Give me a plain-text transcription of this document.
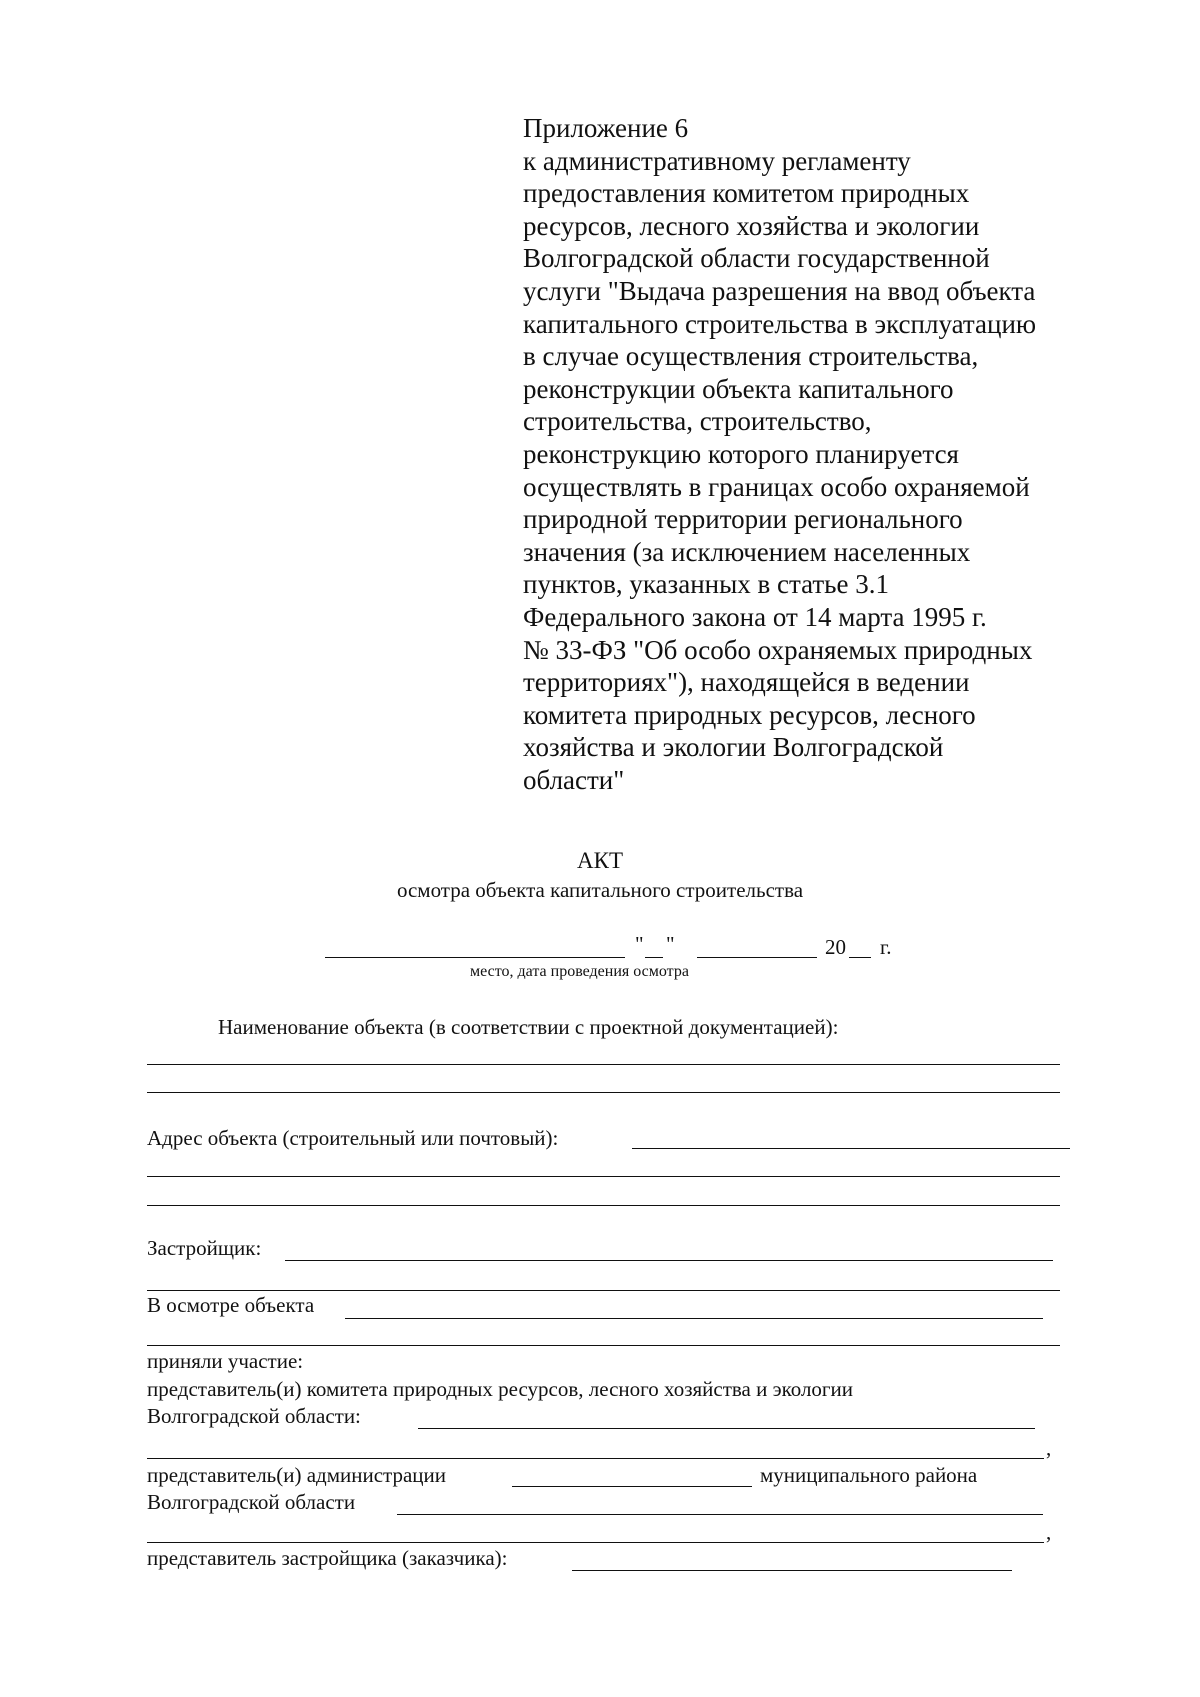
Приложение 6
к административному регламенту
предоставления комитетом природных
ресурсов, лесного хозяйства и экологии
Волгоградской области государственной
услуги "Выдача разрешения на ввод объекта
капитального строительства в эксплуатацию
в случае осуществления строительства,
реконструкции объекта капитального
строительства, строительство,
реконструкцию которого планируется
осуществлять в границах особо охраняемой
природной территории регионального
значения (за исключением населенных
пунктов, указанных в статье 3.1
Федерального закона от 14 марта 1995 г.
№ 33-ФЗ "Об особо охраняемых природных
территориях"), находящейся в ведении
комитета природных ресурсов, лесного
хозяйства и экологии Волгоградской
области"
АКТ
осмотра объекта капитального строительства
" "	20 г.
место, дата проведения осмотра
Наименование объекта (в соответствии с проектной документацией):
Адрес объекта (строительный или почтовый):
Застройщик:
В осмотре объекта
приняли участие:
представитель(и) комитета природных ресурсов, лесного хозяйства и экологии
Волгоградской области:
,
представитель(и) администрации	муниципального района
Волгоградской области
,
представитель застройщика (заказчика):
